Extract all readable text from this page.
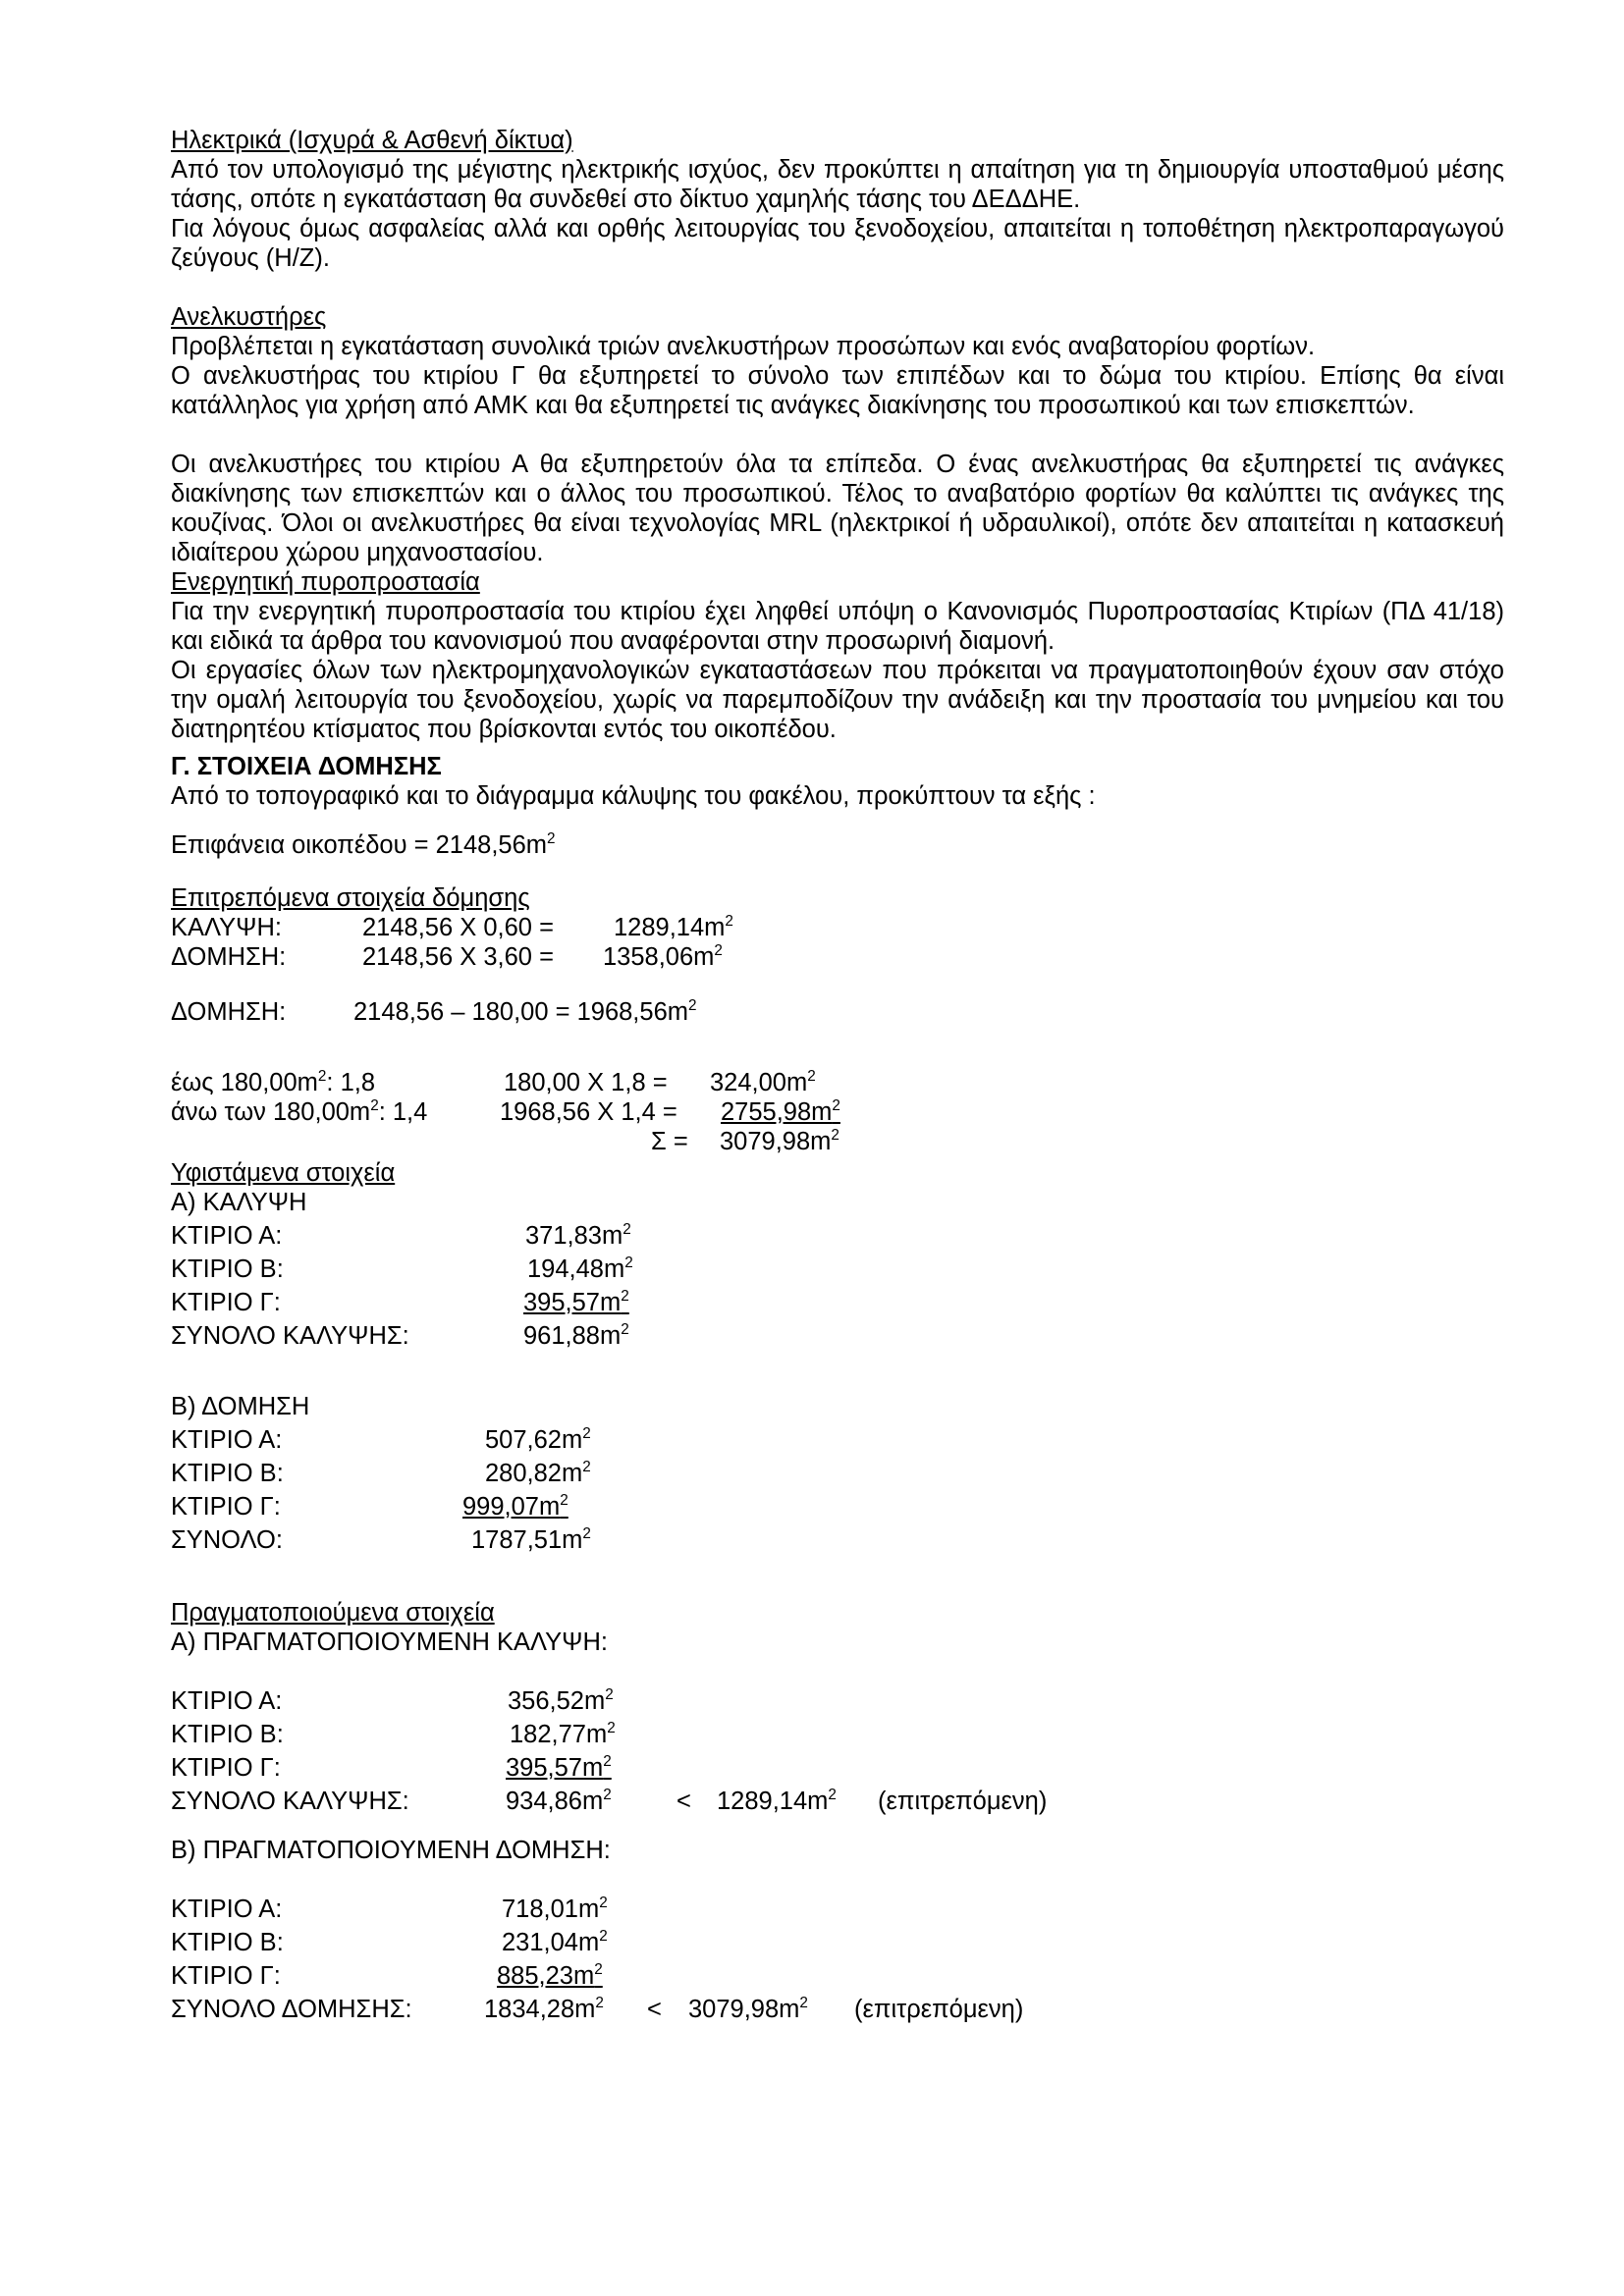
Ηλεκτρικά (Ισχυρά & Ασθενή δίκτυα)

Από τον υπολογισμό της μέγιστης ηλεκτρικής ισχύος, δεν προκύπτει η απαίτηση για τη δημιουργία υποσταθμού μέσης τάσης, οπότε η εγκατάσταση θα συνδεθεί στο δίκτυο χαμηλής τάσης του ΔΕΔΔΗΕ.

Για λόγους όμως ασφαλείας αλλά και ορθής λειτουργίας του ξενοδοχείου, απαιτείται η τοποθέτηση ηλεκτροπαραγωγού ζεύγους (Η/Ζ).

Ανελκυστήρες

Προβλέπεται η εγκατάσταση συνολικά τριών ανελκυστήρων προσώπων και ενός αναβατορίου φορτίων.

Ο ανελκυστήρας του κτιρίου Γ θα εξυπηρετεί το σύνολο των επιπέδων και το δώμα του κτιρίου. Επίσης θα είναι κατάλληλος για χρήση από ΑΜΚ και θα εξυπηρετεί τις ανάγκες διακίνησης του προσωπικού και των επισκεπτών.

Οι ανελκυστήρες του κτιρίου Α θα εξυπηρετούν όλα τα επίπεδα. Ο ένας ανελκυστήρας θα εξυπηρετεί τις ανάγκες διακίνησης των επισκεπτών και ο άλλος του προσωπικού. Τέλος το αναβατόριο φορτίων θα καλύπτει τις ανάγκες της κουζίνας. Όλοι οι ανελκυστήρες θα είναι τεχνολογίας MRL (ηλεκτρικοί ή υδραυλικοί), οπότε δεν απαιτείται η κατασκευή ιδιαίτερου χώρου μηχανοστασίου.

Ενεργητική πυροπροστασία

Για την ενεργητική πυροπροστασία του κτιρίου έχει ληφθεί υπόψη ο Κανονισμός Πυροπροστασίας Κτιρίων (ΠΔ 41/18) και ειδικά τα άρθρα του κανονισμού που αναφέρονται στην προσωρινή διαμονή.

Οι εργασίες όλων των ηλεκτρομηχανολογικών εγκαταστάσεων που πρόκειται να πραγματοποιηθούν έχουν σαν στόχο την ομαλή λειτουργία του ξενοδοχείου, χωρίς να παρεμποδίζουν την ανάδειξη και την προστασία του μνημείου και του διατηρητέου κτίσματος που βρίσκονται εντός του οικοπέδου.

Γ. ΣΤΟΙΧΕΙΑ ΔΟΜΗΣΗΣ

Από το τοπογραφικό και το διάγραμμα κάλυψης του φακέλου, προκύπτουν τα εξής :

Επιφάνεια $o\iota\kappa o\pi έ\delta o\upsilon = 2148,56m^2$
Επιτρεπόμενα στοιχεία δόμησης
ΚΑΛΥΨΗ:	2148,56 Χ $0,60 = 1289,14m^2$
ΔΟΜΗΣΗ:	2148,56 Χ $3,60 = 1358,06m^2$
ΔΟΜΗΣΗ:	$2148,56 - 180,00 = 1968,56m^2$
έως $180,00m^2$: 1,8	180,00 Χ $1,8 = 324,00m^2$
άνω των $180,00m^2$: 1,4	1968,56 Χ $1,4 = 2755,98m^2$
$\Sigma = 3079,98m^2$
Υφιστάμενα στοιχεία
Α) ΚΑΛΥΨΗ
ΚΤΙΡΙΟ Α:	$371,83m^2$
ΚΤΙΡΙΟ Β:	$194,48m^2$
ΚΤΙΡΙΟ Γ:	$395,57m^2$
ΣΥΝΟΛΟ ΚΑΛΥΨΗΣ:	$961,88m^2$
Β) ΔΟΜΗΣΗ
ΚΤΙΡΙΟ Α:	$507,62m^2$
ΚΤΙΡΙΟ Β:	$280,82m^2$
ΚΤΙΡΙΟ Γ:	$999,07m^2$
ΣΥΝΟΛΟ:	$1787,51m^2$
Πραγματοποιούμενα στοιχεία
Α) ΠΡΑΓΜΑΤΟΠΟΙΟΥΜΕΝΗ ΚΑΛΥΨΗ:
ΚΤΙΡΙΟ Α:	$356,52m^2$
ΚΤΙΡΙΟ Β:	$182,77m^2$
ΚΤΙΡΙΟ Γ:	$395,57m^2$
ΣΥΝΟΛΟ ΚΑΛΥΨΗΣ:	$934,86m^2$	< $1289,14m^2$ (επιτρεπόμενη)
Β) ΠΡΑΓΜΑΤΟΠΟΙΟΥΜΕΝΗ ΔΟΜΗΣΗ:
ΚΤΙΡΙΟ Α:	$718,01m^2$
ΚΤΙΡΙΟ Β:	$231,04m^2$
ΚΤΙΡΙΟ Γ:	$885,23m^2$
ΣΥΝΟΛΟ ΔΟΜΗΣΗΣ:	$1834,28m^2 < 3079,98m^2$ (επιτρεπόμενη)
